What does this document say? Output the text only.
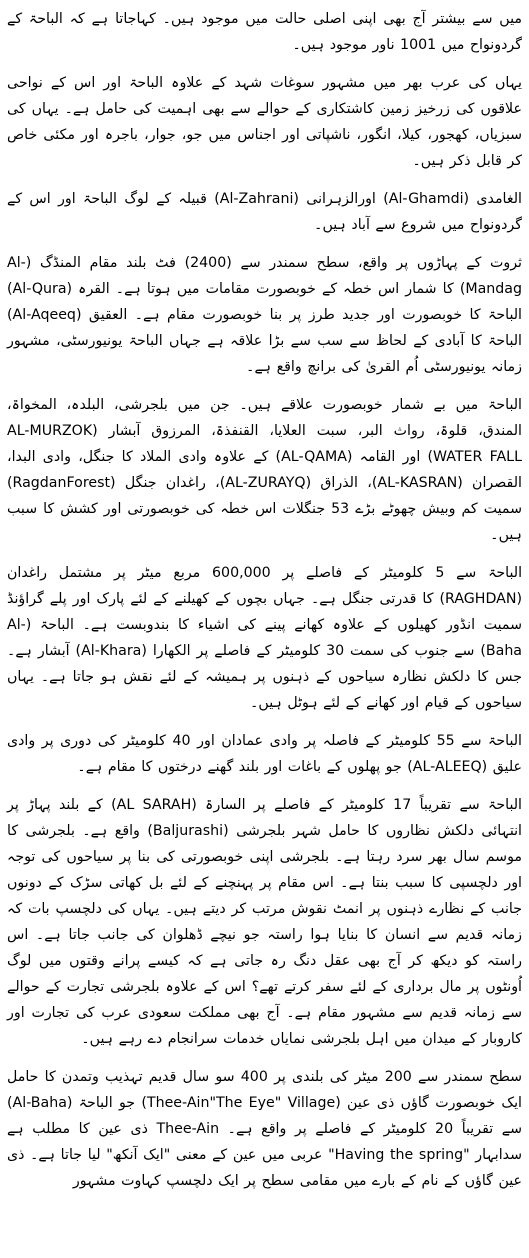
میں سے بیشتر آج بھی اپنی اصلی حالت میں موجود ہیں۔ کہاجاتا ہے کہ الباحۃ کے گردونواح میں 1001 ناور موجود ہیں۔

یہاں کی عرب بھر میں مشہور سوغات شہد کے علاوہ الباحۃ اور اس کے نواحی علاقوں کی زرخیز زمین کاشتکاری کے حوالے سے بھی اہمیت کی حامل ہے۔ یہاں کی سبزیاں، کھجور، کیلا، انگور، ناشپاتی اور اجناس میں جو، جوار، باجرہ اور مکئی خاص کر قابل ذکر ہیں۔

الغامدی (Al-Ghamdi) اورالزہرانی (Al-Zahrani) قبیلہ کے لوگ الباحۃ اور اس کے گردونواح میں شروع سے آباد ہیں۔

ثروت کے پہاڑوں پر واقع، سطح سمندر سے (2400) فٹ بلند مقام المنڈگ (Al-Mandag) کا شمار اس خطہ کے خوبصورت مقامات میں ہوتا ہے۔ القرہ (Al-Qura) الباحۃ کا خوبصورت اور جدید طرز پر بنا خوبصورت مقام ہے۔ العقیق (Al-Aqeeq) الباحۃ کا آبادی کے لحاظ سے سب سے بڑا علاقہ ہے جہاں الباحۃ یونیورسٹی، مشہور زمانہ یونیورسٹی اُم القریٰ کی برانچ واقع ہے۔

الباحۃ میں بے شمار خوبصورت علاقے ہیں۔ جن میں بلجرشی، البلدہ، المخواۃ، المندق، قلوۃ، رواث البر، سبت العلایا، القنفذۃ، المرزوق آبشار (AL-MURZOK WATER FALL) اور القامہ (AL-QAMA) کے علاوہ وادی الملاد کا جنگل، وادی البدا، القصران (AL-KASRAN)، الذراق (AL-ZURAYQ)، راغدان جنگل (RagdanForest) سمیت کم وبیش چھوٹے بڑے 53 جنگلات اس خطہ کی خوبصورتی اور کشش کا سبب ہیں۔

الباحۃ سے 5 کلومیٹر کے فاصلے پر 600,000 مربع میٹر پر مشتمل راغدان (RAGHDAN) کا قدرتی جنگل ہے۔ جہاں بچوں کے کھیلنے کے لئے پارک اور پلے گراؤنڈ سمیت انڈور کھیلوں کے علاوہ کھانے پینے کی اشیاء کا بندوبست ہے۔ الباحۃ (Al-Baha) سے جنوب کی سمت 30 کلومیٹر کے فاصلے پر الکھارا (Al-Khara) آبشار ہے۔ جس کا دلکش نظارہ سیاحوں کے ذہنوں پر ہمیشہ کے لئے نقش ہو جاتا ہے۔ یہاں سیاحوں کے قیام اور کھانے کے لئے ہوٹل ہیں۔

الباحۃ سے 55 کلومیٹر کے فاصلہ پر وادی عمادان اور 40 کلومیٹر کی دوری پر وادی علیق (AL-ALEEQ) جو پھلوں کے باغات اور بلند گھنے درختوں کا مقام ہے۔

الباحۃ سے تقریباً 17 کلومیٹر کے فاصلے پر السارۃ (AL SARAH) کے بلند پہاڑ پر انتہائی دلکش نظاروں کا حامل شہر بلجرشی (Baljurashi) واقع ہے۔ بلجرشی کا موسم سال بھر سرد رہتا ہے۔ بلجرشی اپنی خوبصورتی کی بنا پر سیاحوں کی توجہ اور دلچسپی کا سبب بنتا ہے۔ اس مقام پر پہنچنے کے لئے بل کھاتی سڑک کے دونوں جانب کے نظارے ذہنوں پر انمٹ نقوش مرتب کر دیتے ہیں۔ یہاں کی دلچسپ بات کہ زمانہ قدیم سے انسان کا بنایا ہوا راستہ جو نیچے ڈھلوان کی جانب جاتا ہے۔ اس راستہ کو دیکھ کر آج بھی عقل دنگ رہ جاتی ہے کہ کیسے پرانے وقتوں میں لوگ اُونٹوں پر مال برداری کے لئے سفر کرتے تھے؟ اس کے علاوہ بلجرشی تجارت کے حوالے سے زمانہ قدیم سے مشہور مقام ہے۔ آج بھی مملکت سعودی عرب کی تجارت اور کاروبار کے میدان میں اہل بلجرشی نمایاں خدمات سرانجام دے رہے ہیں۔

سطح سمندر سے 200 میٹر کی بلندی پر 400 سو سال قدیم تہذیب وتمدن کا حامل ایک خوبصورت گاؤں ذی عین (Thee-Ain"The Eye" Village) جو الباحۃ (Al-Baha) سے تقریباً 20 کلومیٹر کے فاصلے پر واقع ہے۔ Thee-Ain ذی عین کا مطلب ہے سدابہار "Having the spring" عربی میں عین کے معنی "ایک آنکھ" لیا جاتا ہے۔ ذی عین گاؤں کے نام کے بارے میں مقامی سطح پر ایک دلچسپ کہاوت مشہور
